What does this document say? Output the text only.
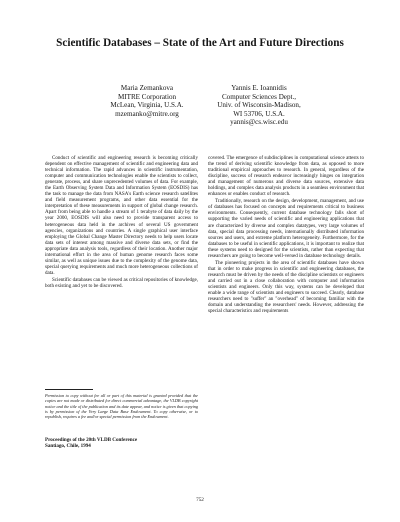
Scientific Databases – State of the Art and Future Directions
Maria Zemankova
MITRE Corporation
McLean, Virginia, U.S.A.
mzemanko@mitre.org
Yannis E. Ioannidis
Computer Sciences Dept.,
Univ. of Wisconsin-Madison,
WI 53706, U.S.A.
yannis@cs.wisc.edu

Conduct of scientific and engineering research is becoming critically dependent on effective management of scientific and engineering data and technical information. The rapid advances in scientific instrumentation, computer and communication technologies enable the scientists to collect, generate, process, and share unprecedented volumes of data. For example, the Earth Observing System Data and Information System (EOSDIS) has the task to manage the data from NASA's Earth science research satellites and field measurement programs, and other data essential for the interpretation of these measurements in support of global change research. Apart from being able to handle a stream of 1 terabyte of data daily by the year 2000, EOSDIS will also need to provide transparent access to heterogeneous data held in the archives of several US government agencies, organizations and countries. A single graphical user interface employing the Global Change Master Directory needs to help users locate data sets of interest among massive and diverse data sets, or find the appropriate data analysis tools, regardless of their location. Another major international effort in the area of human genome research faces some similar, as well as unique issues due to the complexity of the genome data, special querying requirements and much more heterogeneous collections of data.

Scientific databases can be viewed as critical repositories of knowledge, both existing and yet to be discovered.

Permission to copy without fee all or part of this material is granted provided that the copies are not made or distributed for direct commercial advantage, the VLDB copyright notice and the title of the publication and its date appear, and notice is given that copying is by permission of the Very Large Data Base Endowment. To copy otherwise, or to republish, requires a fee and/or special permission from the Endowment.
Proceedings of the 20th VLDB Conference
Santiago, Chile, 1994

covered. The emergence of subdisciplines in computational science attests to the trend of deriving scientific knowledge from data, as opposed to more traditional empirical approaches to research. In general, regardless of the discipline, success of research endeavor increasingly hinges on integration and management of numerous and diverse data sources, extensive data holdings, and complex data analysis products in a seamless environment that enhances or enables conduct of research.

Traditionally, research on the design, development, management, and use of databases has focused on concepts and requirements critical to business environments. Consequently, current database technology falls short of supporting the varied needs of scientific and engineering applications that are characterized by diverse and complex datatypes, very large volumes of data, special data processing needs, internationally distributed information sources and users, and extreme platform heterogeneity. Furthermore, for the databases to be useful in scientific applications, it is important to realize that these systems need to designed for the scientists, rather than expecting that researchers are going to become well-versed in database technology details.

The pioneering projects in the area of scientific databases have shown that in order to make progress in scientific and engineering databases, the research must be driven by the needs of the discipline scientists or engineers and carried out in a close collaboration with computer and information scientists and engineers. Only this way, systems can be developed that enable a wide range of scientists and engineers to succeed. Clearly, database researchers need to "suffer" an "overhead" of becoming familiar with the domain and understanding the researchers' needs. However, addressing the special characteristics and requirements

752
